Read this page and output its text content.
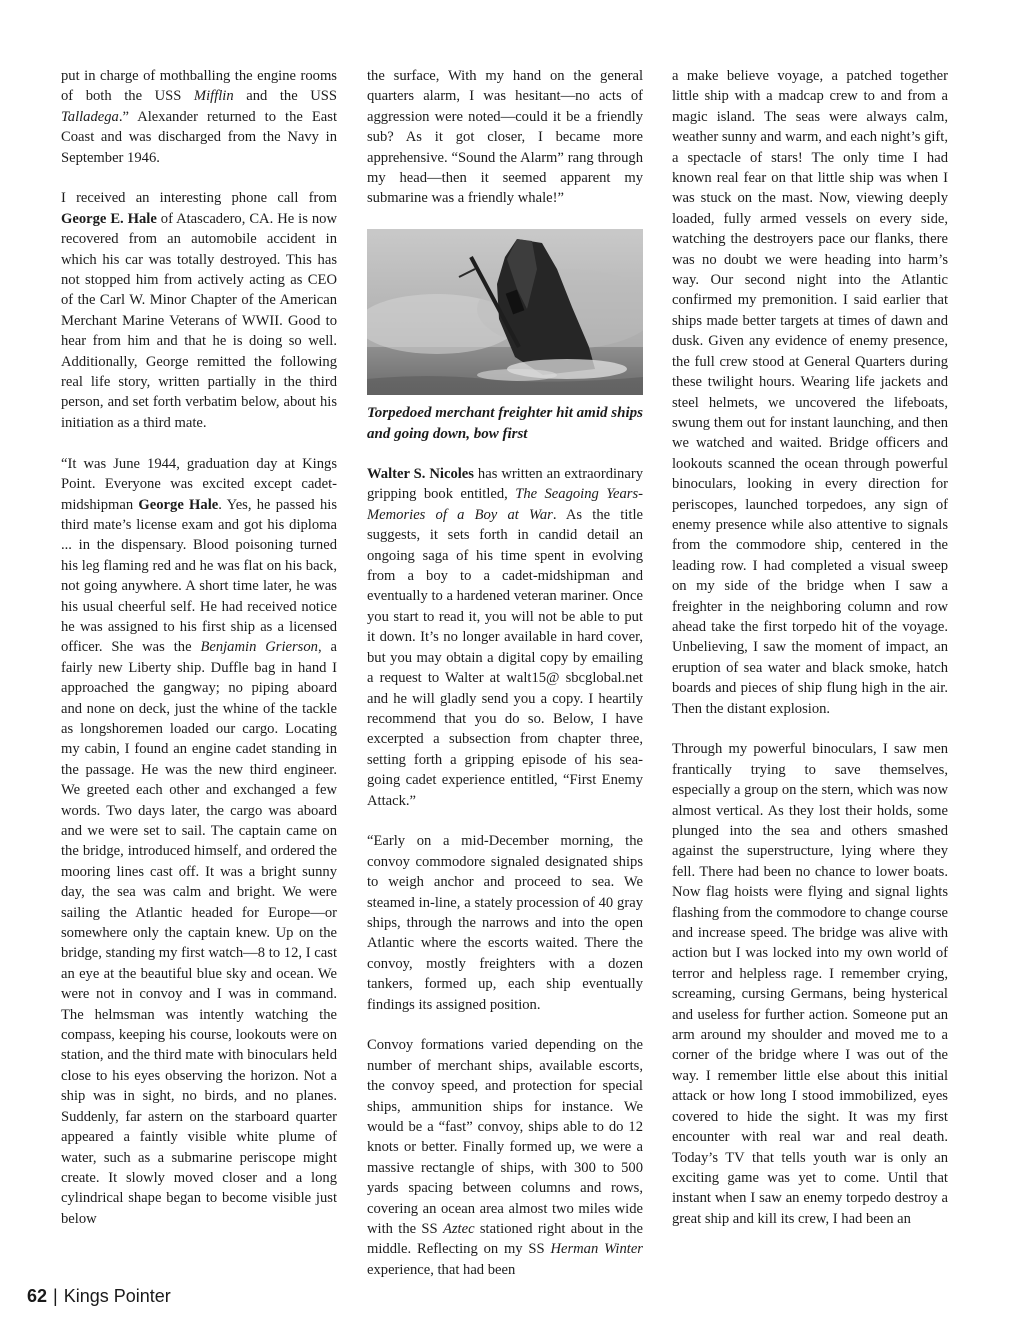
put in charge of mothballing the engine rooms of both the USS Mifflin and the USS Talladega.” Alexander returned to the East Coast and was discharged from the Navy in September 1946.

I received an interesting phone call from George E. Hale of Atascadero, CA. He is now recovered from an automobile accident in which his car was totally destroyed. This has not stopped him from actively acting as CEO of the Carl W. Minor Chapter of the American Merchant Marine Veterans of WWII. Good to hear from him and that he is doing so well. Additionally, George remitted the following real life story, written partially in the third person, and set forth verbatim below, about his initiation as a third mate.

“It was June 1944, graduation day at Kings Point. Everyone was excited except cadet-midshipman George Hale. Yes, he passed his third mate’s license exam and got his diploma ... in the dispensary. Blood poisoning turned his leg flaming red and he was flat on his back, not going anywhere. A short time later, he was his usual cheerful self. He had received notice he was assigned to his first ship as a licensed officer. She was the Benjamin Grierson, a fairly new Liberty ship. Duffle bag in hand I approached the gangway; no piping aboard and none on deck, just the whine of the tackle as longshoremen loaded our cargo. Locating my cabin, I found an engine cadet standing in the passage. He was the new third engineer. We greeted each other and exchanged a few words. Two days later, the cargo was aboard and we were set to sail. The captain came on the bridge, introduced himself, and ordered the mooring lines cast off. It was a bright sunny day, the sea was calm and bright. We were sailing the Atlantic headed for Europe—or somewhere only the captain knew. Up on the bridge, standing my first watch—8 to 12, I cast an eye at the beautiful blue sky and ocean. We were not in convoy and I was in command. The helmsman was intently watching the compass, keeping his course, lookouts were on station, and the third mate with binoculars held close to his eyes observing the horizon. Not a ship was in sight, no birds, and no planes. Suddenly, far astern on the starboard quarter appeared a faintly visible white plume of water, such as a submarine periscope might create. It slowly moved closer and a long cylindrical shape began to become visible just below

the surface, With my hand on the general quarters alarm, I was hesitant—no acts of aggression were noted—could it be a friendly sub? As it got closer, I became more apprehensive. “Sound the Alarm” rang through my head—then it seemed apparent my submarine was a friendly whale!”

Torpedoed merchant freighter hit amid ships and going down, bow first

Walter S. Nicoles has written an extraordinary gripping book entitled, The Seagoing Years-Memories of a Boy at War. As the title suggests, it sets forth in candid detail an ongoing saga of his time spent in evolving from a boy to a cadet-midshipman and eventually to a hardened veteran mariner. Once you start to read it, you will not be able to put it down. It’s no longer available in hard cover, but you may obtain a digital copy by emailing a request to Walter at walt15@ sbcglobal.net and he will gladly send you a copy. I heartily recommend that you do so. Below, I have excerpted a subsection from chapter three, setting forth a gripping episode of his sea-going cadet experience entitled, “First Enemy Attack.”

“Early on a mid-December morning, the convoy commodore signaled designated ships to weigh anchor and proceed to sea. We steamed in-line, a stately procession of 40 gray ships, through the narrows and into the open Atlantic where the escorts waited. There the convoy, mostly freighters with a dozen tankers, formed up, each ship eventually findings its assigned position.

Convoy formations varied depending on the number of merchant ships, available escorts, the convoy speed, and protection for special ships, ammunition ships for instance. We would be a “fast” convoy, ships able to do 12 knots or better. Finally formed up, we were a massive rectangle of ships, with 300 to 500 yards spacing between columns and rows, covering an ocean area almost two miles wide with the SS Aztec stationed right about in the middle. Reflecting on my SS Herman Winter experience, that had been

a make believe voyage, a patched together little ship with a madcap crew to and from a magic island. The seas were always calm, weather sunny and warm, and each night’s gift, a spectacle of stars! The only time I had known real fear on that little ship was when I was stuck on the mast. Now, viewing deeply loaded, fully armed vessels on every side, watching the destroyers pace our flanks, there was no doubt we were heading into harm’s way. Our second night into the Atlantic confirmed my premonition. I said earlier that ships made better targets at times of dawn and dusk. Given any evidence of enemy presence, the full crew stood at General Quarters during these twilight hours. Wearing life jackets and steel helmets, we uncovered the lifeboats, swung them out for instant launching, and then we watched and waited. Bridge officers and lookouts scanned the ocean through powerful binoculars, looking in every direction for periscopes, launched torpedoes, any sign of enemy presence while also attentive to signals from the commodore ship, centered in the leading row. I had completed a visual sweep on my side of the bridge when I saw a freighter in the neighboring column and row ahead take the first torpedo hit of the voyage. Unbelieving, I saw the moment of impact, an eruption of sea water and black smoke, hatch boards and pieces of ship flung high in the air. Then the distant explosion.

Through my powerful binoculars, I saw men frantically trying to save themselves, especially a group on the stern, which was now almost vertical. As they lost their holds, some plunged into the sea and others smashed against the superstructure, lying where they fell. There had been no chance to lower boats. Now flag hoists were flying and signal lights flashing from the commodore to change course and increase speed. The bridge was alive with action but I was locked into my own world of terror and helpless rage. I remember crying, screaming, cursing Germans, being hysterical and useless for further action. Someone put an arm around my shoulder and moved me to a corner of the bridge where I was out of the way. I remember little else about this initial attack or how long I stood immobilized, eyes covered to hide the sight. It was my first encounter with real war and real death. Today’s TV that tells youth war is only an exciting game was yet to come. Until that instant when I saw an enemy torpedo destroy a great ship and kill its crew, I had been an

62 | Kings Pointer
